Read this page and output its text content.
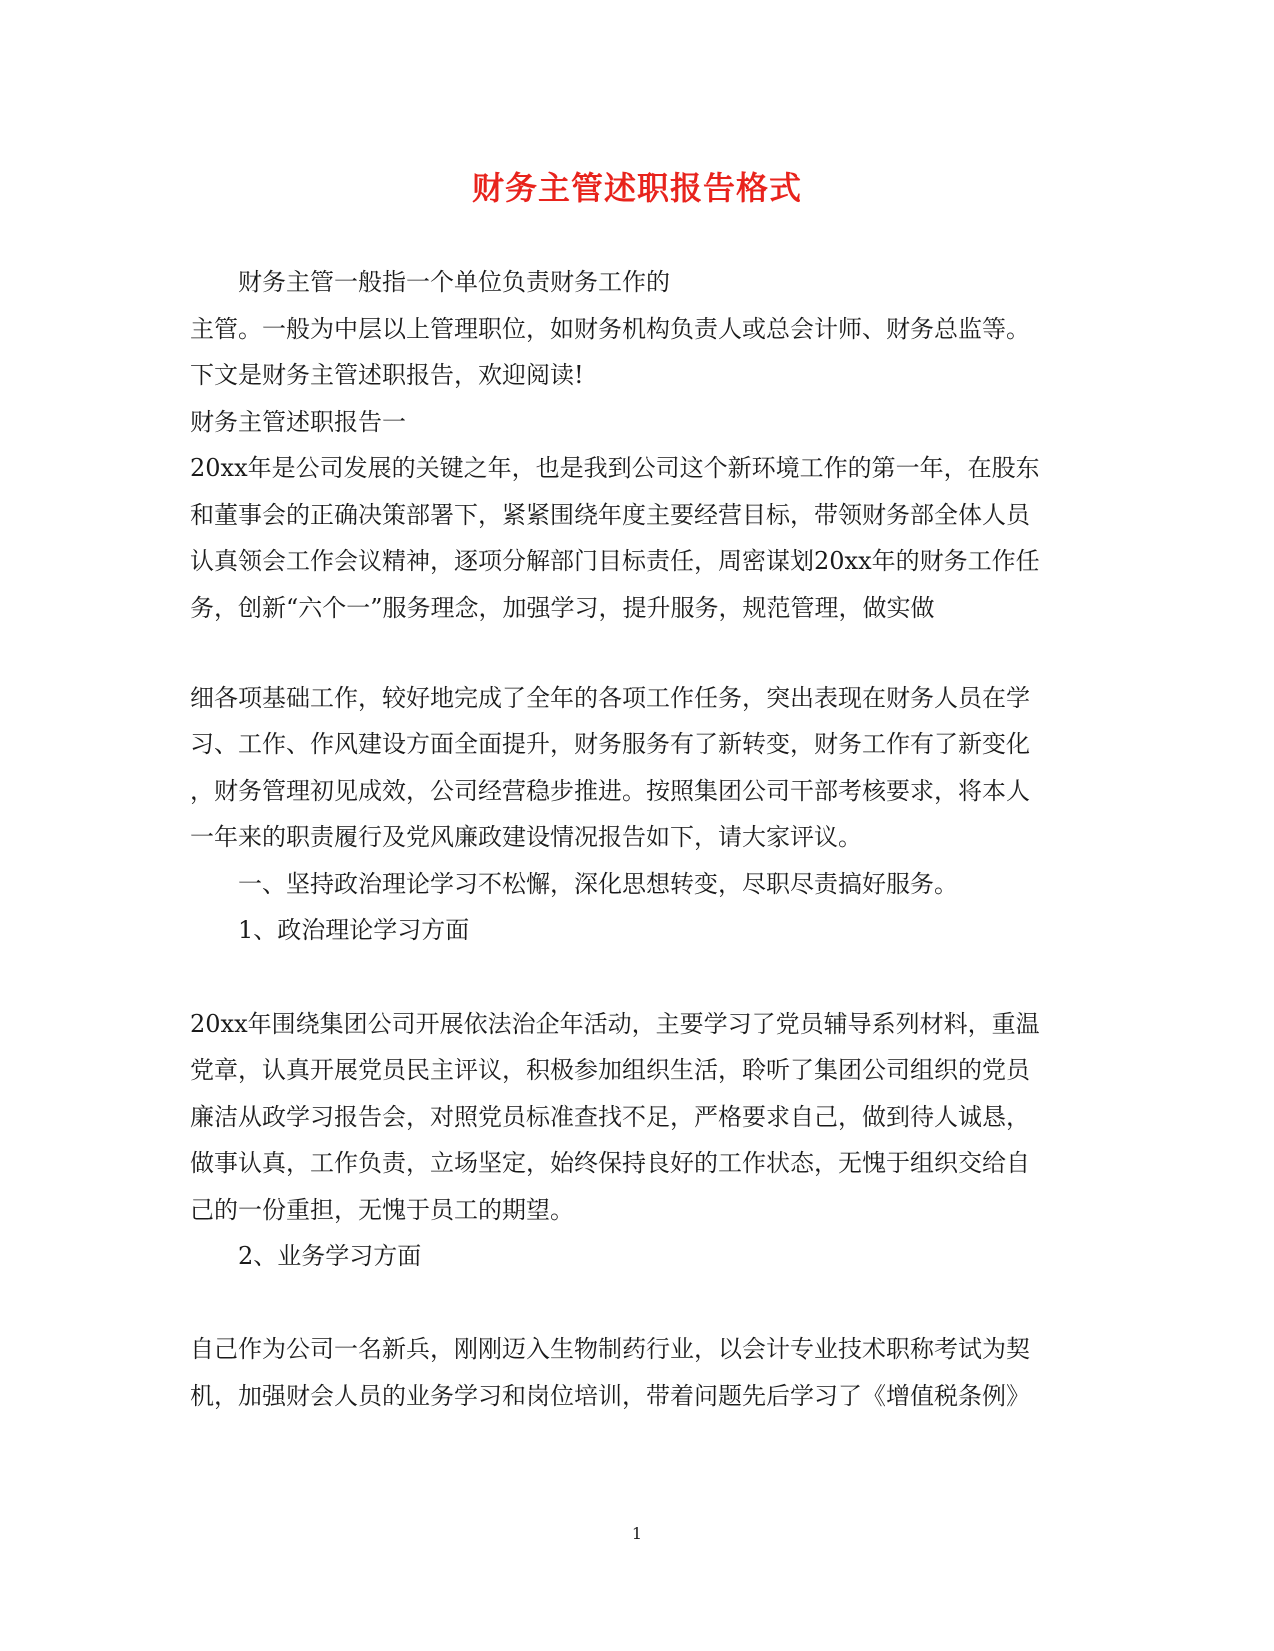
财务主管述职报告格式
财务主管一般指一个单位负责财务工作的
主管。一般为中层以上管理职位，如财务机构负责人或总会计师、财务总监等。
下文是财务主管述职报告，欢迎阅读!
财务主管述职报告一
20xx年是公司发展的关键之年，也是我到公司这个新环境工作的第一年，在股东
和董事会的正确决策部署下，紧紧围绕年度主要经营目标，带领财务部全体人员
认真领会工作会议精神，逐项分解部门目标责任，周密谋划20xx年的财务工作任
务，创新“六个一”服务理念，加强学习，提升服务，规范管理，做实做
细各项基础工作，较好地完成了全年的各项工作任务，突出表现在财务人员在学
习、工作、作风建设方面全面提升，财务服务有了新转变，财务工作有了新变化
，财务管理初见成效，公司经营稳步推进。按照集团公司干部考核要求，将本人
一年来的职责履行及党风廉政建设情况报告如下，请大家评议。
一、坚持政治理论学习不松懈，深化思想转变，尽职尽责搞好服务。
1、政治理论学习方面
20xx年围绕集团公司开展依法治企年活动，主要学习了党员辅导系列材料，重温
党章，认真开展党员民主评议，积极参加组织生活，聆听了集团公司组织的党员
廉洁从政学习报告会，对照党员标准查找不足，严格要求自己，做到待人诚恳，
做事认真，工作负责，立场坚定，始终保持良好的工作状态，无愧于组织交给自
己的一份重担，无愧于员工的期望。
2、业务学习方面
自己作为公司一名新兵，刚刚迈入生物制药行业，以会计专业技术职称考试为契
机，加强财会人员的业务学习和岗位培训，带着问题先后学习了《增值税条例》
1
